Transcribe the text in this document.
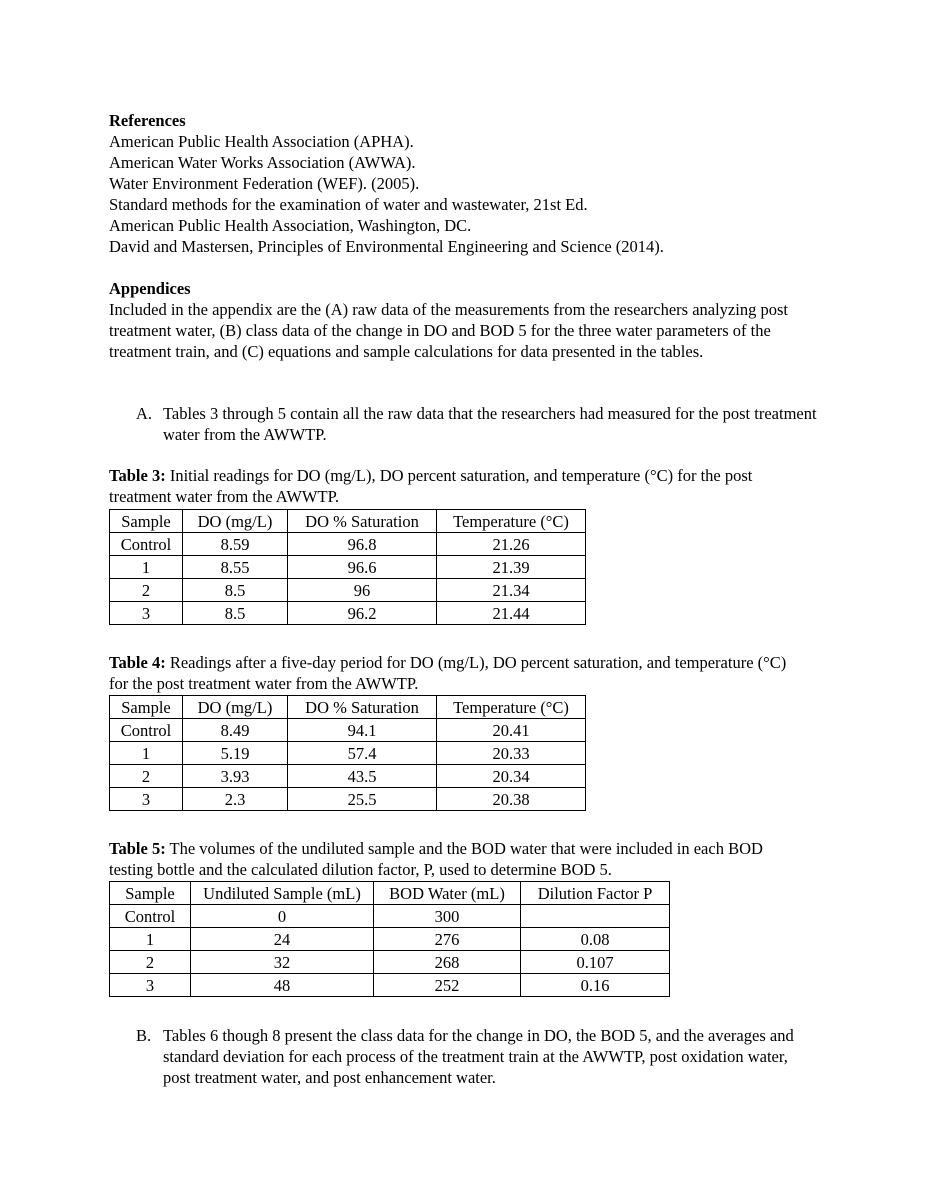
References
American Public Health Association (APHA).
American Water Works Association (AWWA).
Water Environment Federation (WEF). (2005).
Standard methods for the examination of water and wastewater, 21st Ed.
American Public Health Association, Washington, DC.
David and Mastersen, Principles of Environmental Engineering and Science (2014).
Appendices
Included in the appendix are the (A) raw data of the measurements from the researchers analyzing post treatment water, (B) class data of the change in DO and BOD 5 for the three water parameters of the treatment train, and (C) equations and sample calculations for data presented in the tables.
A. Tables 3 through 5 contain all the raw data that the researchers had measured for the post treatment water from the AWWTP.
Table 3: Initial readings for DO (mg/L), DO percent saturation, and temperature (°C) for the post treatment water from the AWWTP.
Sample	DO (mg/L)	DO % Saturation	Temperature (°C)
Control	8.59	96.8	21.26
1	8.55	96.6	21.39
2	8.5	96	21.34
3	8.5	96.2	21.44
Table 4: Readings after a five-day period for DO (mg/L), DO percent saturation, and temperature (°C) for the post treatment water from the AWWTP.
Sample	DO (mg/L)	DO % Saturation	Temperature (°C)
Control	8.49	94.1	20.41
1	5.19	57.4	20.33
2	3.93	43.5	20.34
3	2.3	25.5	20.38
Table 5: The volumes of the undiluted sample and the BOD water that were included in each BOD testing bottle and the calculated dilution factor, P, used to determine BOD 5.
Sample	Undiluted Sample (mL)	BOD Water (mL)	Dilution Factor P
Control	0	300	
1	24	276	0.08
2	32	268	0.107
3	48	252	0.16
B. Tables 6 though 8 present the class data for the change in DO, the BOD 5, and the averages and standard deviation for each process of the treatment train at the AWWTP, post oxidation water, post treatment water, and post enhancement water.
